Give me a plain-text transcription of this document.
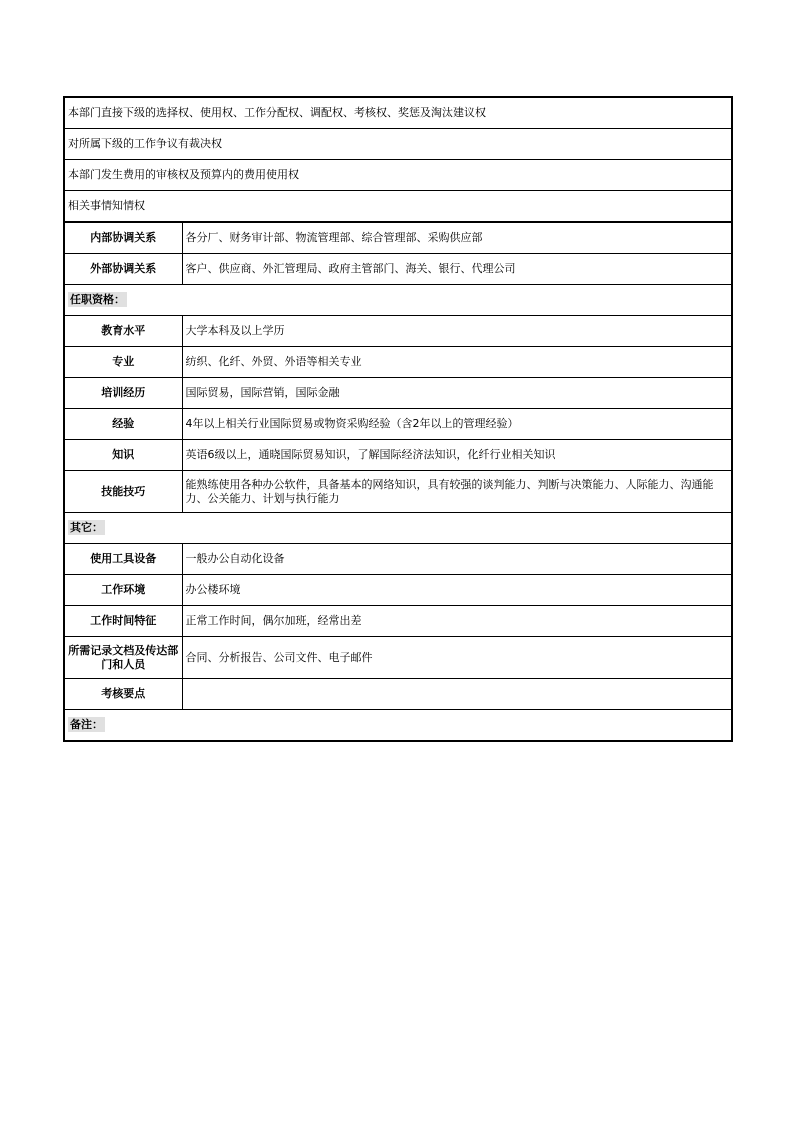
本部门直接下级的选择权、使用权、工作分配权、调配权、考核权、奖惩及淘汰建议权	
对所属下级的工作争议有裁决权	
本部门发生费用的审核权及预算内的费用使用权	
相关事情知情权	
内部协调关系	各分厂、财务审计部、物流管理部、综合管理部、采购供应部
外部协调关系	客户、供应商、外汇管理局、政府主管部门、海关、银行、代理公司
任职资格：	
教育水平	大学本科及以上学历
专业	纺织、化纤、外贸、外语等相关专业
培训经历	国际贸易，国际营销，国际金融
经验	4年以上相关行业国际贸易或物资采购经验（含2年以上的管理经验）
知识	英语6级以上，通晓国际贸易知识，了解国际经济法知识，化纤行业相关知识
技能技巧	能熟练使用各种办公软件，具备基本的网络知识，具有较强的谈判能力、判断与决策能力、人际能力、沟通能力、公关能力、计划与执行能力
其它：	
使用工具设备	一般办公自动化设备
工作环境	办公楼环境
工作时间特征	正常工作时间，偶尔加班，经常出差
所需记录文档及传达部门和人员	合同、分析报告、公司文件、电子邮件
考核要点	
备注：	
